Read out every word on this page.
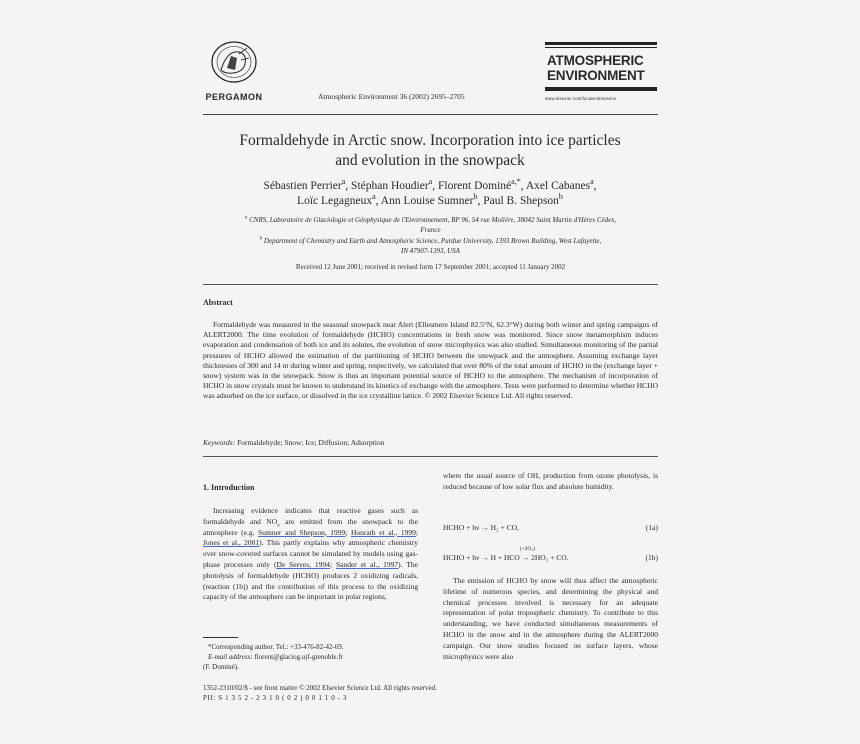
PERGAMON	Atmospheric Environment 36 (2002) 2695–2705
ATMOSPHERIC
ENVIRONMENT
www.elsevier.com/locate/atmosenv
Formaldehyde in Arctic snow. Incorporation into ice particles
and evolution in the snowpack
Sébastien Perrier$^a$, Stéphan Houdier$^a$, Florent Dominé$^{a,*}$, Axel Cabanes$^a$,
Loïc Legagneux$^a$, Ann Louise Sumner$^b$, Paul B. Shepson$^b$
$^a$ CNRS, Laboratoire de Glaciologie et Géophysique de l'Environnement, BP 96, 54 rue Molière, 38042 Saint Martin d'Hères Cédex,
France
$^b$ Department of Chemistry and Earth and Atmospheric Science, Purdue University, 1393 Brown Building, West Lafayette,
IN 47907-1393, USA
Received 12 June 2001; received in revised form 17 September 2001; accepted 11 January 2002
Abstract

Formaldehyde was measured in the seasonal snowpack near Alert (Ellesmere Island 82.5°N, 62.3°W) during both winter and spring campaigns of ALERT2000. The time evolution of formaldehyde (HCHO) concentrations in fresh snow was monitored. Since snow metamorphism induces evaporation and condensation of both ice and its solutes, the evolution of snow microphysics was also studied. Simultaneous monitoring of the partial pressures of HCHO allowed the estimation of the partitioning of HCHO between the snowpack and the atmosphere. Assuming exchange layer thicknesses of 300 and 14 m during winter and spring, respectively, we calculated that over 80% of the total amount of HCHO in the (exchange layer + snow) system was in the snowpack. Snow is thus an important potential source of HCHO to the atmosphere. The mechanism of incorporation of HCHO in snow crystals must be known to understand its kinetics of exchange with the atmosphere. Tests were performed to determine whether HCHO was adsorbed on the ice surface, or dissolved in the ice crystalline lattice. © 2002 Elsevier Science Ltd. All rights reserved.

Keywords: Formaldehyde; Snow; Ice; Diffusion; Adsorption
1. Introduction

Increasing evidence indicates that reactive gases such as formaldehyde and $NO_x$ are emitted from the snowpack to the atmosphere (e.g. Sumner and Shepson, 1999; Honrath et al., 1999; Jones et al., 2001). This partly explains why atmospheric chemistry over snow-covered surfaces cannot be simulated by models using gas-phase processes only (De Serves, 1994; Sander et al., 1997). The photolysis of formaldehyde (HCHO) produces 2 oxidizing radicals, (reaction (1b)) and the contribution of this process to the oxidizing capacity of the atmosphere can be important in polar regions,

*Corresponding author. Tel.: +33-476-82-42-69.
E-mail address: florent@glaciog.ujf-grenoble.fr
(F. Dominé).
1352-2310/02/$ - see front matter © 2002 Elsevier Science Ltd. All rights reserved.
PII: S 1 3 5 2 - 2 3 1 0 ( 0 2 ) 0 0 1 1 0 - 3

where the usual source of OH, production from ozone photolysis, is reduced because of low solar flux and absolute humidity.

HCHO + hν → H₂ + CO,	(1a)
HCHO + hν → H + HCO
(+2O₂)
→ 2HO₂ + CO.	(1b)

The emission of HCHO by snow will thus affect the atmospheric lifetime of numerous species, and determining the physical and chemical processes involved is necessary for an adequate representation of polar tropospheric chemistry. To contribute to this understanding, we have conducted simultaneous measurements of HCHO in the snow and in the atmosphere during the ALERT2000 campaign. Our snow studies focused on surface layers, whose microphysics were also
